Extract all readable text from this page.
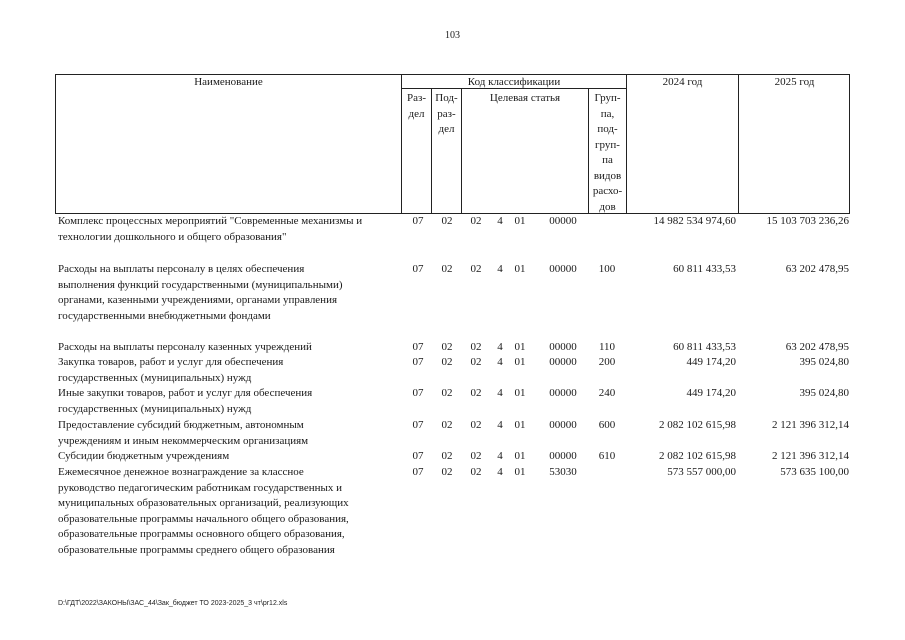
103
Наименование	Код классификации	2024 год	2025 год
Раз-
дел
Под-
раз-
дел
Целевая статья	Груп-
па,
под-
груп-
па
видов
расхо-
дов
Комплекс процессных мероприятий "Современные механизмы и
технологии дошкольного и общего образования"
07 02 02 4	01	00000	14 982 534 974,60	15 103 703 236,26
Расходы на выплаты персоналу в целях обеспечения
выполнения функций государственными (муниципальными)
органами, казенными учреждениями, органами управления
государственными внебюджетными фондами
07 02 02 4	01	00000	100	60 811 433,53	63 202 478,95
Расходы на выплаты персоналу казенных учреждений	07 02 02 4	01	00000	110	60 811 433,53	63 202 478,95
Закупка товаров, работ и услуг для обеспечения
государственных (муниципальных) нужд
07 02 02 4	01	00000	200	449 174,20	395 024,80
Иные закупки товаров, работ и услуг для обеспечения
государственных (муниципальных) нужд
07 02 02 4	01	00000	240	449 174,20	395 024,80
Предоставление субсидий бюджетным, автономным
учреждениям и иным некоммерческим организациям
07 02 02 4	01	00000	600	2 082 102 615,98	2 121 396 312,14
Субсидии бюджетным учреждениям	07 02 02 4	01	00000	610	2 082 102 615,98	2 121 396 312,14
Ежемесячное денежное вознаграждение за классное
руководство педагогическим работникам государственных и
муниципальных образовательных организаций, реализующих
образовательные программы начального общего образования,
образовательные программы основного общего образования,
образовательные программы среднего общего образования
07 02 02 4	01	53030	573 557 000,00	573 635 100,00
D:\ГДТ\2022\ЗАКОНЫ\ЗАС_44\Зак_бюджет ТО 2023-2025_3 чт\pr12.xls
